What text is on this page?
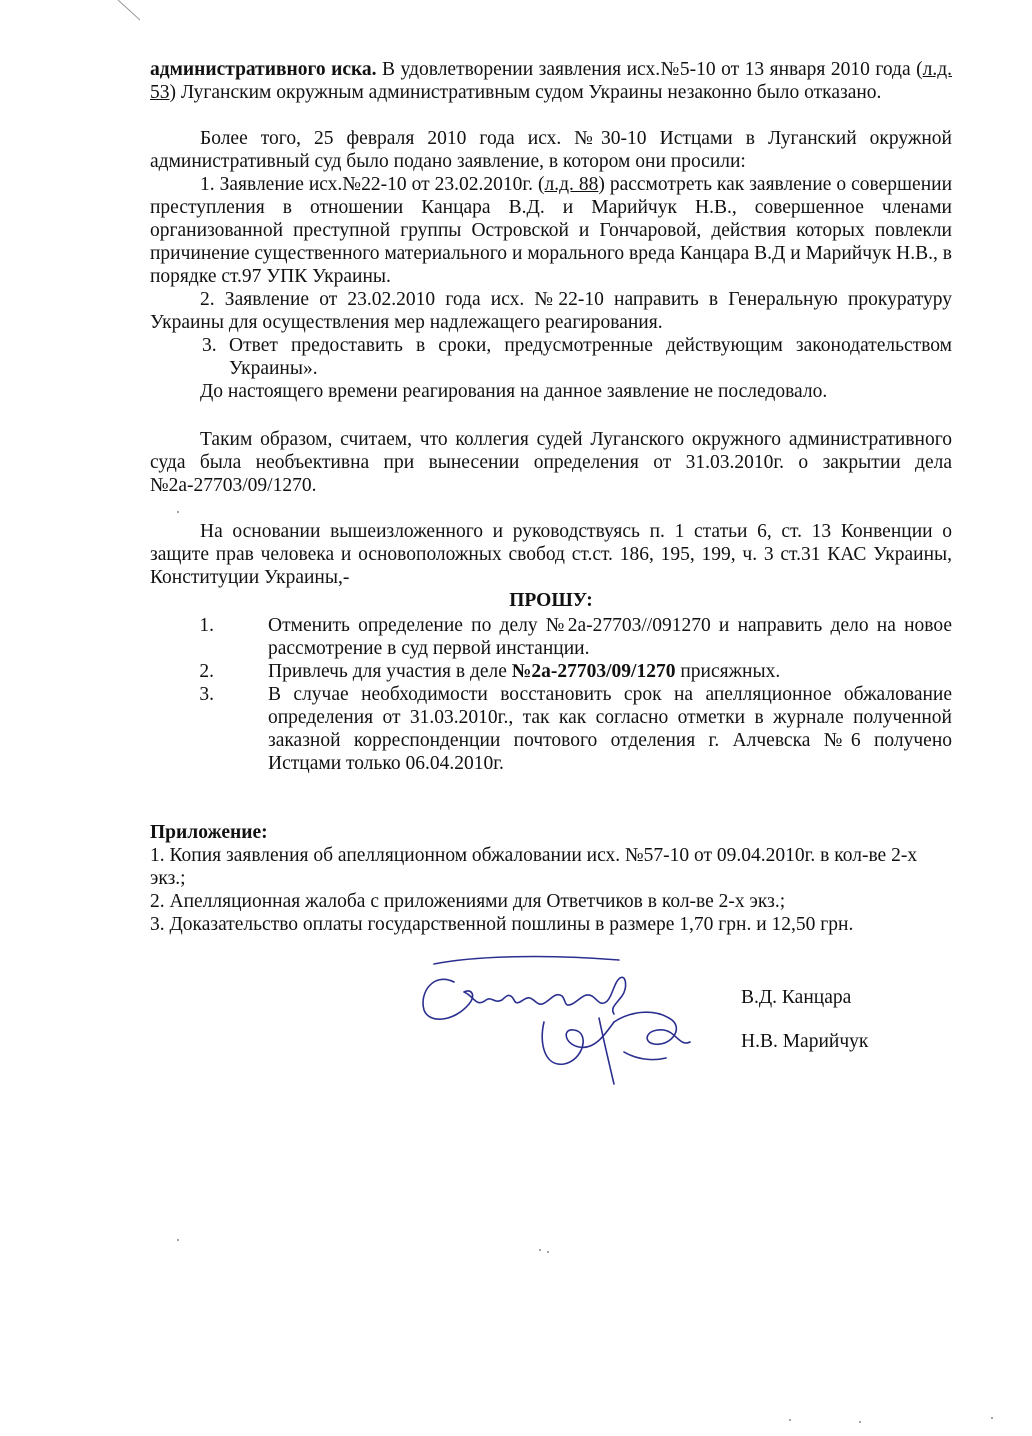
административного иска. В удовлетворении заявления исх.№5-10 от 13 января 2010 года (л.д. 53) Луганским окружным административным судом Украины незаконно было отказано.
Более того, 25 февраля 2010 года исх. №30-10 Истцами в Луганский окружной административный суд было подано заявление, в котором они просили:
1. Заявление исх.№22-10 от 23.02.2010г. (л.д. 88) рассмотреть как заявление о совершении преступления в отношении Канцара В.Д. и Марийчук Н.В., совершенное членами организованной преступной группы Островской и Гончаровой, действия которых повлекли причинение существенного материального и морального вреда Канцара В.Д и Марийчук Н.В., в порядке ст.97 УПК Украины.
2. Заявление от 23.02.2010 года исх. №22-10 направить в Генеральную прокуратуру Украины для осуществления мер надлежащего реагирования.
3. Ответ предоставить в сроки, предусмотренные действующим законодательством Украины».
До настоящего времени реагирования на данное заявление не последовало.
Таким образом, считаем, что коллегия судей Луганского окружного административного суда была необъективна при вынесении определения от 31.03.2010г. о закрытии дела №2а-27703/09/1270.
На основании вышеизложенного и руководствуясь п. 1 статьи 6, ст. 13 Конвенции о защите прав человека и основоположных свобод ст.ст. 186, 195, 199, ч. 3 ст.31 КАС Украины, Конституции Украины,-
ПРОШУ:
1.	Отменить определение по делу №2а-27703//091270 и направить дело на новое рассмотрение в суд первой инстанции.
2.	Привлечь для участия в деле №2а-27703/09/1270 присяжных.
3.	В случае необходимости восстановить срок на апелляционное обжалование определения от 31.03.2010г., так как согласно отметки в журнале полученной заказной корреспонденции почтового отделения г. Алчевска №6 получено Истцами только 06.04.2010г.
Приложение:
1. Копия заявления об апелляционном обжаловании исх. №57-10 от 09.04.2010г. в кол-ве 2-х экз.;
2. Апелляционная жалоба с приложениями для Ответчиков в кол-ве 2-х экз.;
3. Доказательство оплаты государственной пошлины в размере 1,70 грн. и 12,50 грн.
В.Д. Канцара
Н.В. Марийчук
